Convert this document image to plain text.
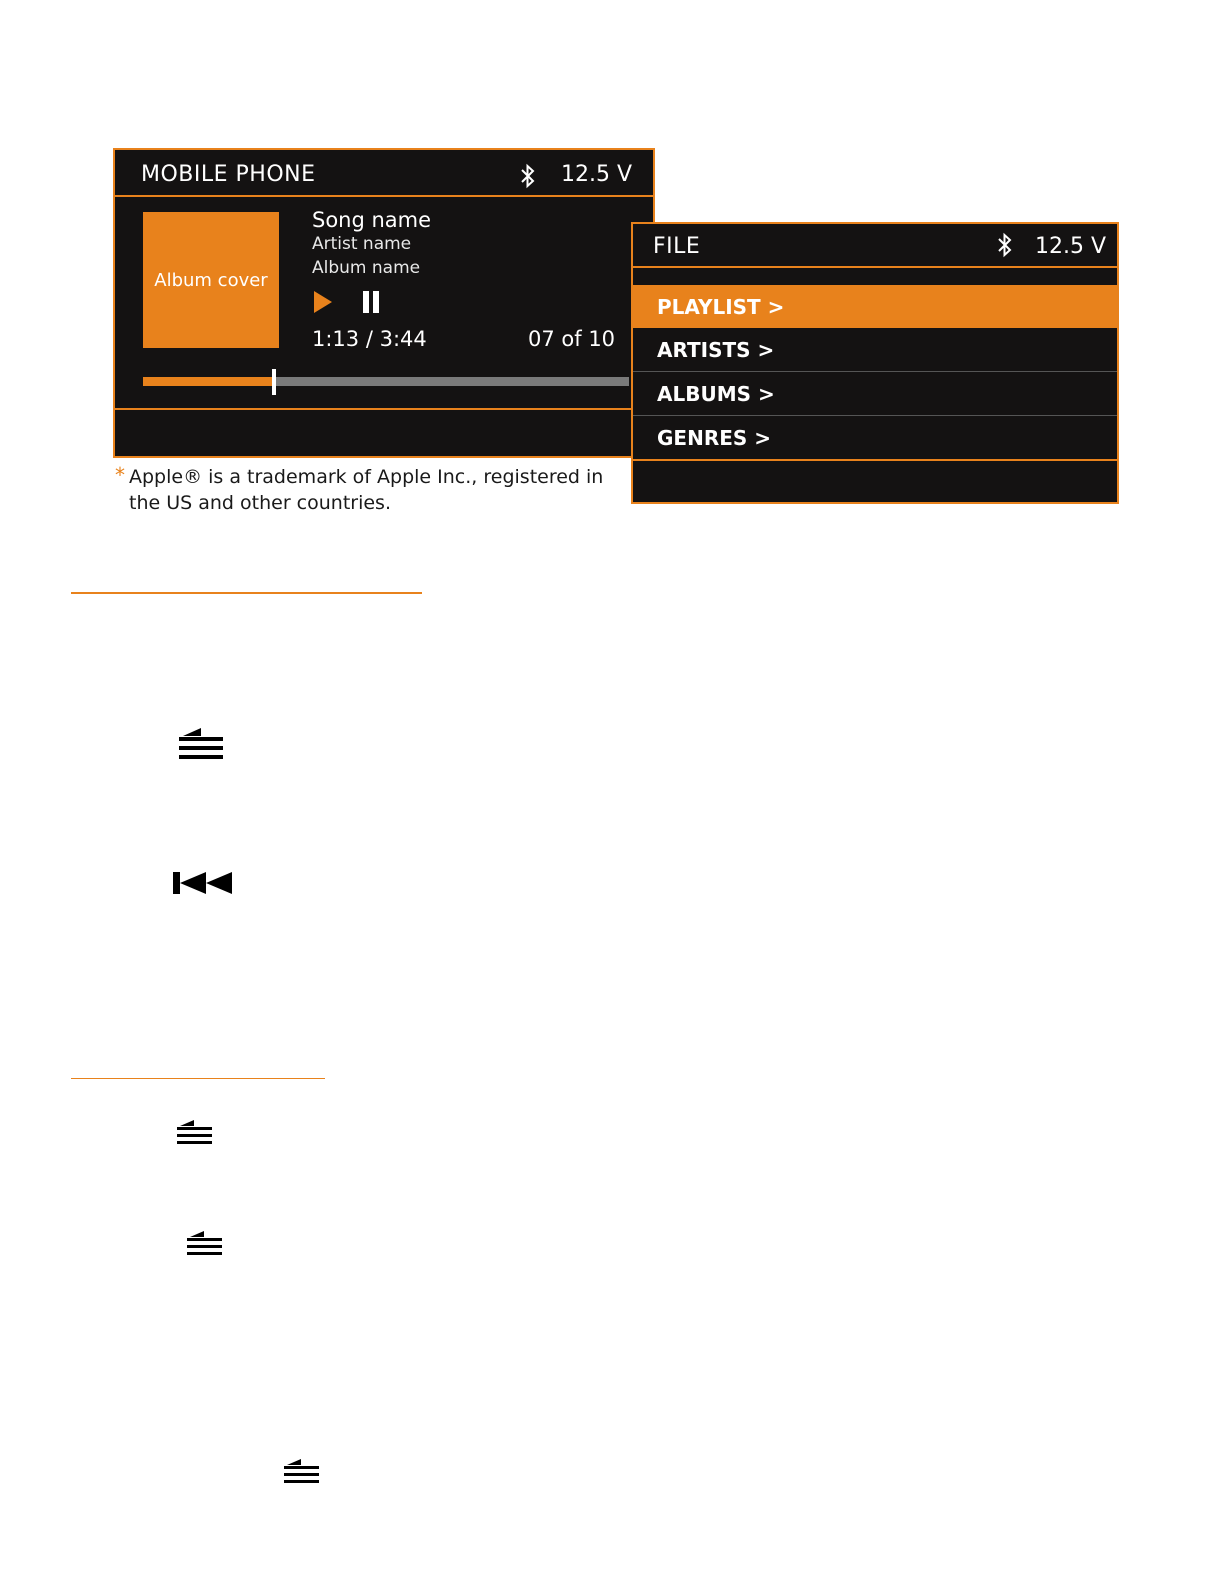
MOBILE PHONE	12.5 V
Album cover
Song name
Artist name
Album name
1:13 / 3:44	07 of 10
FILE	12.5 V
PLAYLIST >
ARTISTS >
ALBUMS >
GENRES >
* Apple® is a trademark of Apple Inc., registered in
the US and other countries.
